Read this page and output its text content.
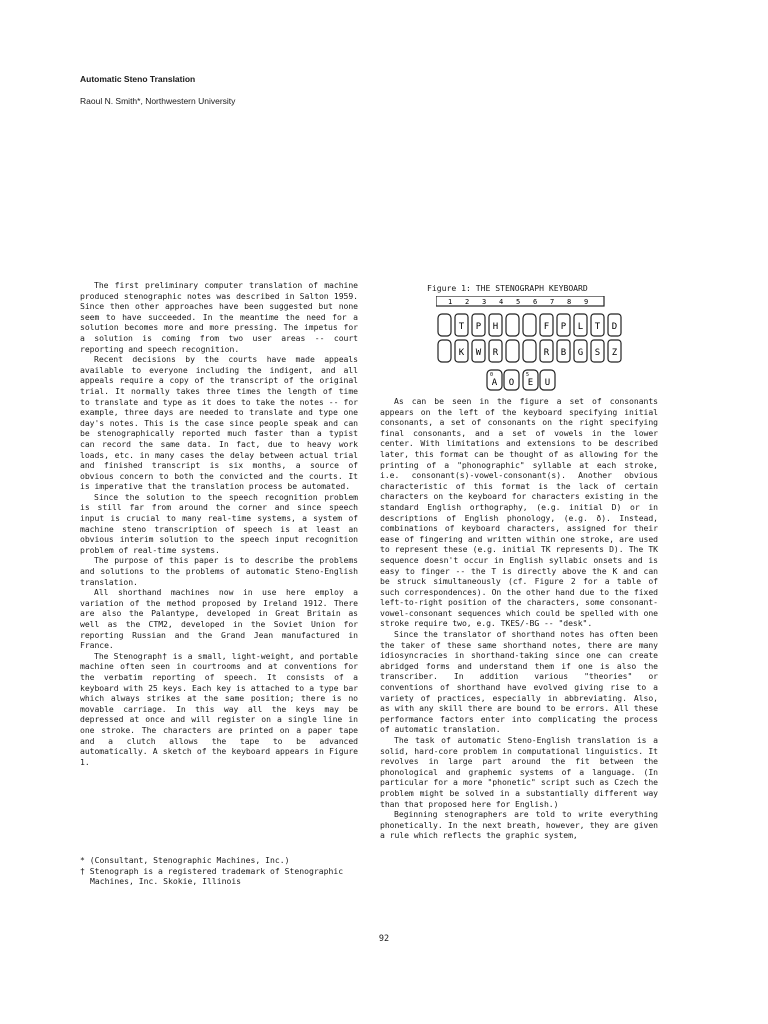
Automatic Steno Translation

Raoul N. Smith*, Northwestern University

The first preliminary computer translation of machine produced stenographic notes was described in Salton 1959. Since then other approaches have been suggested but none seem to have succeeded. In the meantime the need for a solution becomes more and more pressing. The impetus for a solution is coming from two user areas -- court reporting and speech recognition.

Recent decisions by the courts have made appeals available to everyone including the indigent, and all appeals require a copy of the transcript of the original trial. It normally takes three times the length of time to translate and type as it does to take the notes -- for example, three days are needed to translate and type one day's notes. This is the case since people speak and can be stenographically reported much faster than a typist can record the same data. In fact, due to heavy work loads, etc. in many cases the delay between actual trial and finished transcript is six months, a source of obvious concern to both the convicted and the courts. It is imperative that the translation process be automated.

Since the solution to the speech recognition problem is still far from around the corner and since speech input is crucial to many real-time systems, a system of machine steno transcription of speech is at least an obvious interim solution to the speech input recognition problem of real-time systems.

The purpose of this paper is to describe the problems and solutions to the problems of automatic Steno-English translation.

All shorthand machines now in use here employ a variation of the method proposed by Ireland 1912. There are also the Palantype, developed in Great Britain as well as the CTM2, developed in the Soviet Union for reporting Russian and the Grand Jean manufactured in France.

The Stenograph† is a small, light-weight, and portable machine often seen in courtrooms and at conventions for the verbatim reporting of speech. It consists of a keyboard with 25 keys. Each key is attached to a type bar which always strikes at the same position; there is no movable carriage. In this way all the keys may be depressed at once and will register on a single line in one stroke. The characters are printed on a paper tape and a clutch allows the tape to be advanced automatically. A sketch of the keyboard appears in Figure 1.

* (Consultant, Stenographic Machines, Inc.)
† Stenograph is a registered trademark of Stenographic
Machines, Inc. Skokie, Illinois
Figure 1: THE STENOGRAPH KEYBOARD
1 2 3 4 5 6 7 8 9
T P H	F P L T D
K W R	R B G S Z
0
A O E U
5

As can be seen in the figure a set of consonants appears on the left of the keyboard specifying initial consonants, a set of consonants on the right specifying final consonants, and a set of vowels in the lower center. With limitations and extensions to be described later, this format can be thought of as allowing for the printing of a "phonographic" syllable at each stroke, i.e. consonant(s)-vowel-consonant(s). Another obvious characteristic of this format is the lack of certain characters on the keyboard for characters existing in the standard English orthography, (e.g. initial D) or in descriptions of English phonology, (e.g. ð). Instead, combinations of keyboard characters, assigned for their ease of fingering and written within one stroke, are used to represent these (e.g. initial TK represents D). The TK sequence doesn't occur in English syllabic onsets and is easy to finger -- the T is directly above the K and can be struck simultaneously (cf. Figure 2 for a table of such correspondences). On the other hand due to the fixed left-to-right position of the characters, some consonant-vowel-consonant sequences which could be spelled with one stroke require two, e.g. TKES/-BG -- "desk".

Since the translator of shorthand notes has often been the taker of these same shorthand notes, there are many idiosyncracies in shorthand-taking since one can create abridged forms and understand them if one is also the transcriber. In addition various "theories" or conventions of shorthand have evolved giving rise to a variety of practices, especially in abbreviating. Also, as with any skill there are bound to be errors. All these performance factors enter into complicating the process of automatic translation.

The task of automatic Steno-English translation is a solid, hard-core problem in computational linguistics. It revolves in large part around the fit between the phonological and graphemic systems of a language. (In particular for a more "phonetic" script such as Czech the problem might be solved in a substantially different way than that proposed here for English.)

Beginning stenographers are told to write everything phonetically. In the next breath, however, they are given a rule which reflects the graphic system,

92
